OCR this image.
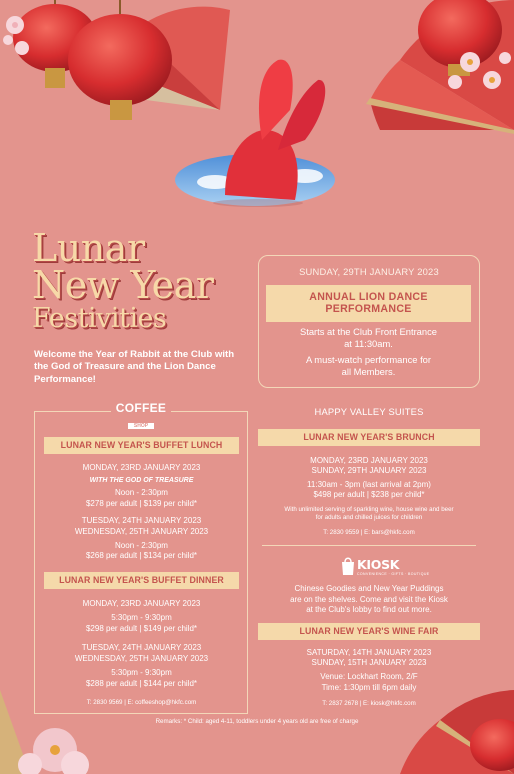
Lunar
New Year
Festivities
Welcome the Year of Rabbit at the Club with the God of Treasure and the Lion Dance Performance!
SUNDAY, 29TH JANUARY 2023
ANNUAL LION DANCE
PERFORMANCE
Starts at the Club Front Entrance
at 11:30am.
A must-watch performance for
all Members.
COFFEE
SHOP
LUNAR NEW YEAR'S BUFFET LUNCH
MONDAY, 23RD JANUARY 2023
WITH THE GOD OF TREASURE
Noon - 2:30pm
$278 per adult | $139 per child*
TUESDAY, 24TH JANUARY 2023
WEDNESDAY, 25TH JANUARY 2023
Noon - 2:30pm
$268 per adult | $134 per child*
LUNAR NEW YEAR'S BUFFET DINNER
MONDAY, 23RD JANUARY 2023
5:30pm - 9:30pm
$298 per adult | $149 per child*
TUESDAY, 24TH JANUARY 2023
WEDNESDAY, 25TH JANUARY 2023
5:30pm - 9:30pm
$288 per adult | $144 per child*
T: 2830 9569 | E: coffeeshop@hkfc.com
HAPPY VALLEY SUITES
LUNAR NEW YEAR'S BRUNCH
MONDAY, 23RD JANUARY 2023
SUNDAY, 29TH JANUARY 2023
11:30am - 3pm (last arrival at 2pm)
$498 per adult | $238 per child*
With unlimited serving of sparkling wine, house wine and beer
for adults and chilled juices for children
T: 2830 9559 | E: bars@hkfc.com
KIOSK
CONVENIENCE · GIFTS · BOUTIQUE
Chinese Goodies and New Year Puddings
are on the shelves. Come and visit the Kiosk
at the Club's lobby to find out more.
LUNAR NEW YEAR'S WINE FAIR
SATURDAY, 14TH JANUARY 2023
SUNDAY, 15TH JANUARY 2023
Venue: Lockhart Room, 2/F
Time: 1:30pm till 6pm daily
T: 2837 2678 | E: kiosk@hkfc.com
Remarks: * Child: aged 4-11, toddlers under 4 years old are free of charge
